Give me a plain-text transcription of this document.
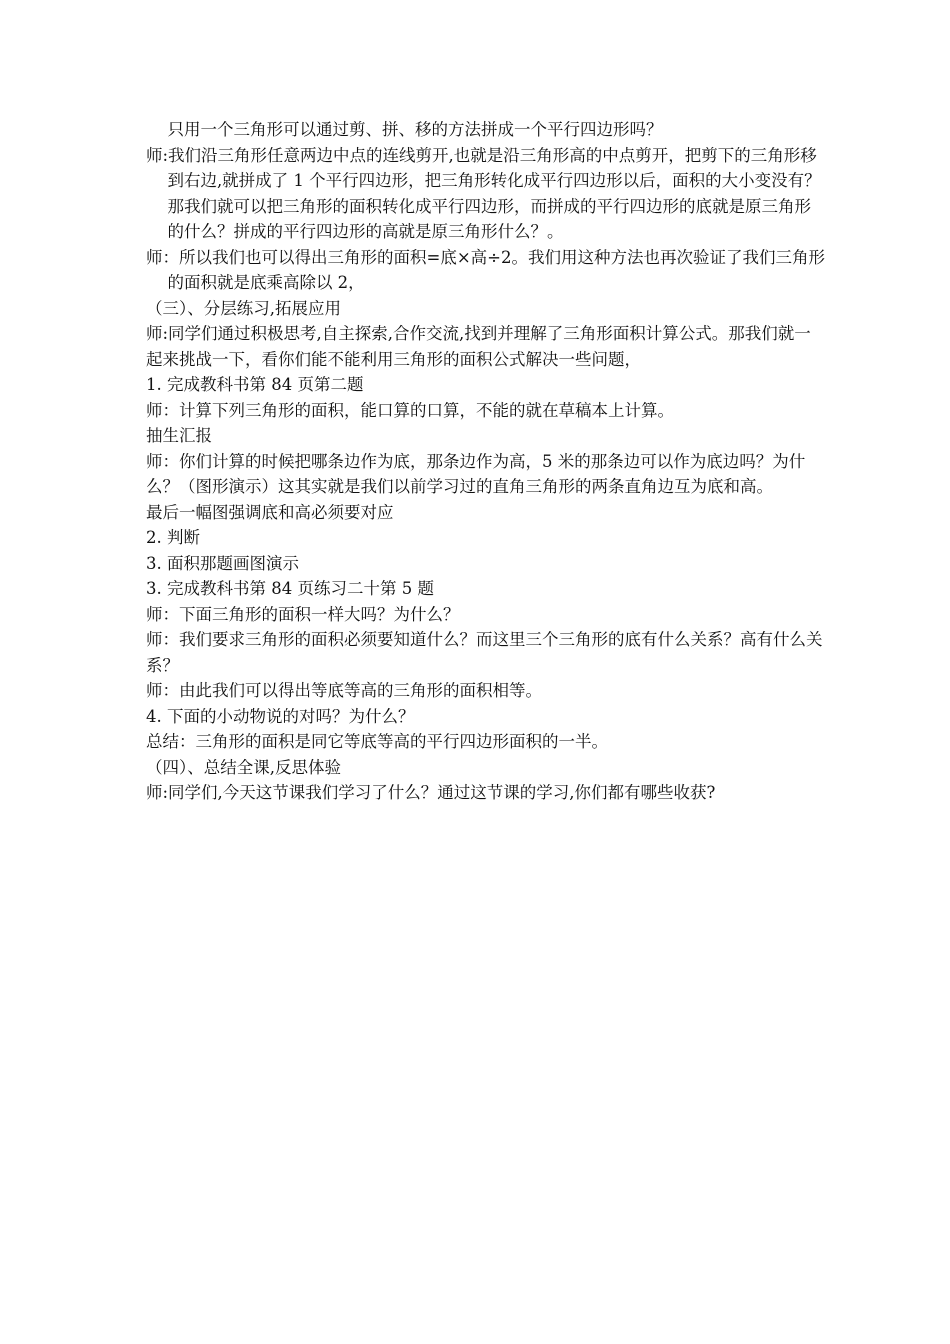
只用一个三角形可以通过剪、拼、移的方法拼成一个平行四边形吗？

师:我们沿三角形任意两边中点的连线剪开,也就是沿三角形高的中点剪开，把剪下的三角形移到右边,就拼成了 1 个平行四边形，把三角形转化成平行四边形以后，面积的大小变没有？那我们就可以把三角形的面积转化成平行四边形，而拼成的平行四边形的底就是原三角形的什么？拼成的平行四边形的高就是原三角形什么？。

师：所以我们也可以得出三角形的面积=底×高÷2。我们用这种方法也再次验证了我们三角形的面积就是底乘高除以 2，

（三）、分层练习,拓展应用

师:同学们通过积极思考,自主探索,合作交流,找到并理解了三角形面积计算公式。那我们就一起来挑战一下，看你们能不能利用三角形的面积公式解决一些问题，

1. 完成教科书第 84 页第二题

师：计算下列三角形的面积，能口算的口算，不能的就在草稿本上计算。

抽生汇报

师：你们计算的时候把哪条边作为底，那条边作为高，5 米的那条边可以作为底边吗？为什么？（图形演示）这其实就是我们以前学习过的直角三角形的两条直角边互为底和高。

最后一幅图强调底和高必须要对应

2. 判断

3. 面积那题画图演示

3. 完成教科书第 84 页练习二十第 5 题

师：下面三角形的面积一样大吗？为什么？

师：我们要求三角形的面积必须要知道什么？而这里三个三角形的底有什么关系？高有什么关系？

师：由此我们可以得出等底等高的三角形的面积相等。

4. 下面的小动物说的对吗？为什么？

总结：三角形的面积是同它等底等高的平行四边形面积的一半。

（四）、总结全课,反思体验

师:同学们,今天这节课我们学习了什么？通过这节课的学习,你们都有哪些收获?
